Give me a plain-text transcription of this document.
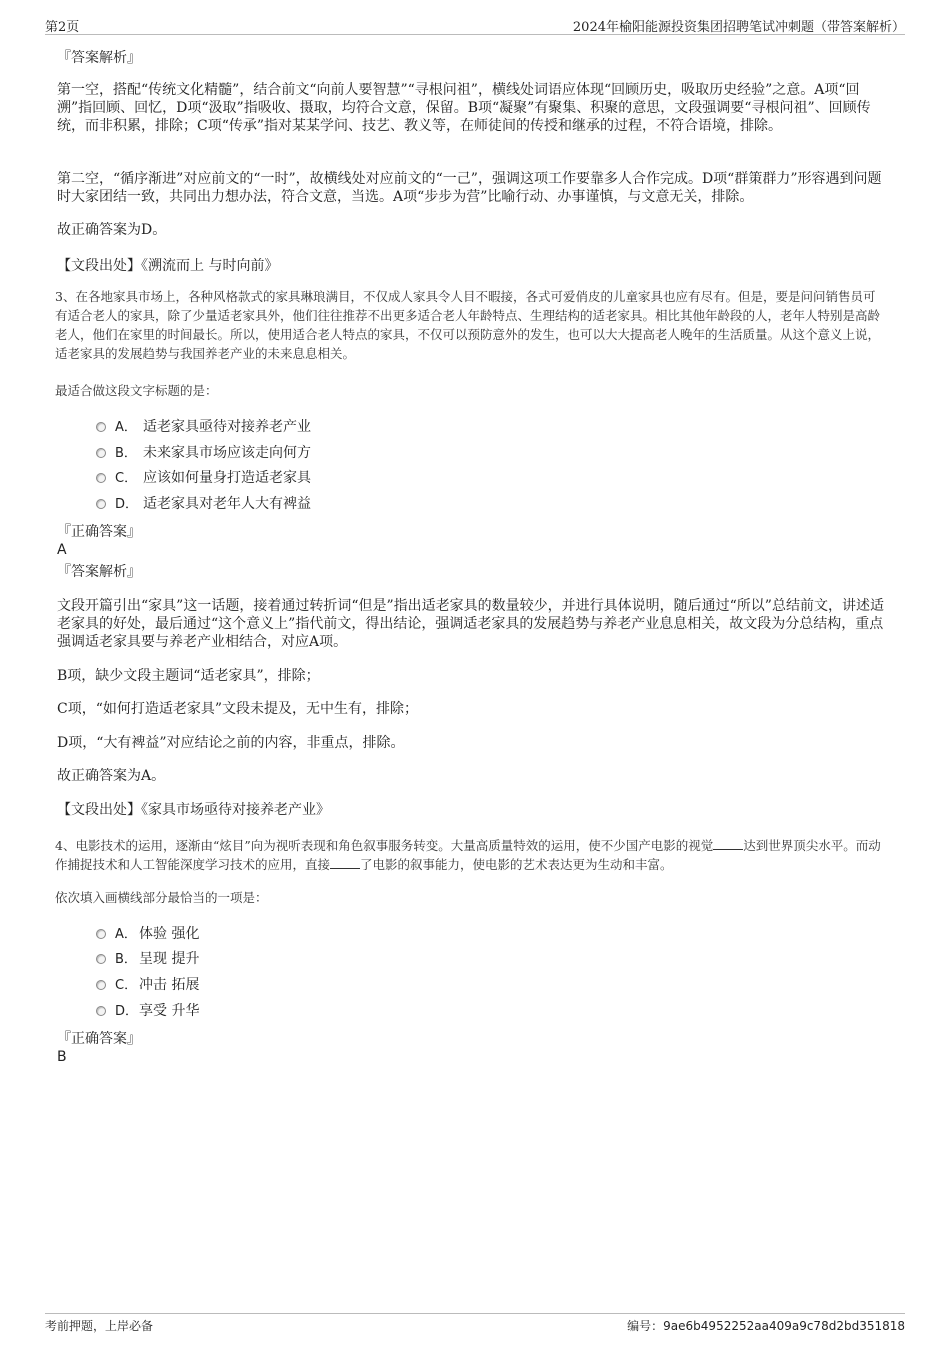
第2页	2024年榆阳能源投资集团招聘笔试冲刺题（带答案解析）
『答案解析』
第一空，搭配“传统文化精髓”，结合前文“向前人要智慧”“寻根问祖”，横线处词语应体现“回顾历史，吸取历史经验”之意。A项“回溯”指回顾、回忆，D项“汲取”指吸收、摄取，均符合文意，保留。B项“凝聚”有聚集、积聚的意思，文段强调要“寻根问祖”、回顾传统，而非积累，排除；C项“传承”指对某某学问、技艺、教义等，在师徒间的传授和继承的过程，不符合语境，排除。
第二空，“循序渐进”对应前文的“一时”，故横线处对应前文的“一己”，强调这项工作要靠多人合作完成。D项“群策群力”形容遇到问题时大家团结一致，共同出力想办法，符合文意，当选。A项“步步为营”比喻行动、办事谨慎，与文意无关，排除。
故正确答案为D。
【文段出处】《溯流而上 与时向前》
3、在各地家具市场上，各种风格款式的家具琳琅满目，不仅成人家具令人目不暇接，各式可爱俏皮的儿童家具也应有尽有。但是，要是问问销售员可有适合老人的家具，除了少量适老家具外，他们往往推荐不出更多适合老人年龄特点、生理结构的适老家具。相比其他年龄段的人，老年人特别是高龄老人，他们在家里的时间最长。所以，使用适合老人特点的家具，不仅可以预防意外的发生，也可以大大提高老人晚年的生活质量。从这个意义上说，适老家具的发展趋势与我国养老产业的未来息息相关。
最适合做这段文字标题的是：
A． 适老家具亟待对接养老产业
B． 未来家具市场应该走向何方
C． 应该如何量身打造适老家具
D． 适老家具对老年人大有裨益
『正确答案』
A
『答案解析』
文段开篇引出“家具”这一话题，接着通过转折词“但是”指出适老家具的数量较少，并进行具体说明，随后通过“所以”总结前文，讲述适老家具的好处，最后通过“这个意义上”指代前文，得出结论，强调适老家具的发展趋势与养老产业息息相关，故文段为分总结构，重点强调适老家具要与养老产业相结合，对应A项。
B项，缺少文段主题词“适老家具”，排除；
C项，“如何打造适老家具”文段未提及，无中生有，排除；
D项，“大有裨益”对应结论之前的内容，非重点，排除。
故正确答案为A。
【文段出处】《家具市场亟待对接养老产业》
4、电影技术的运用，逐渐由“炫目”向为视听表现和角色叙事服务转变。大量高质量特效的运用，使不少国产电影的视觉 达到世界顶尖水平。而动作捕捉技术和人工智能深度学习技术的应用，直接 了电影的叙事能力，使电影的艺术表达更为生动和丰富。
依次填入画横线部分最恰当的一项是：
A． 体验 强化
B． 呈现 提升
C． 冲击 拓展
D．享受 升华
『正确答案』
B
考前押题，上岸必备	编号：9ae6b4952252aa409a9c78d2bd351818
